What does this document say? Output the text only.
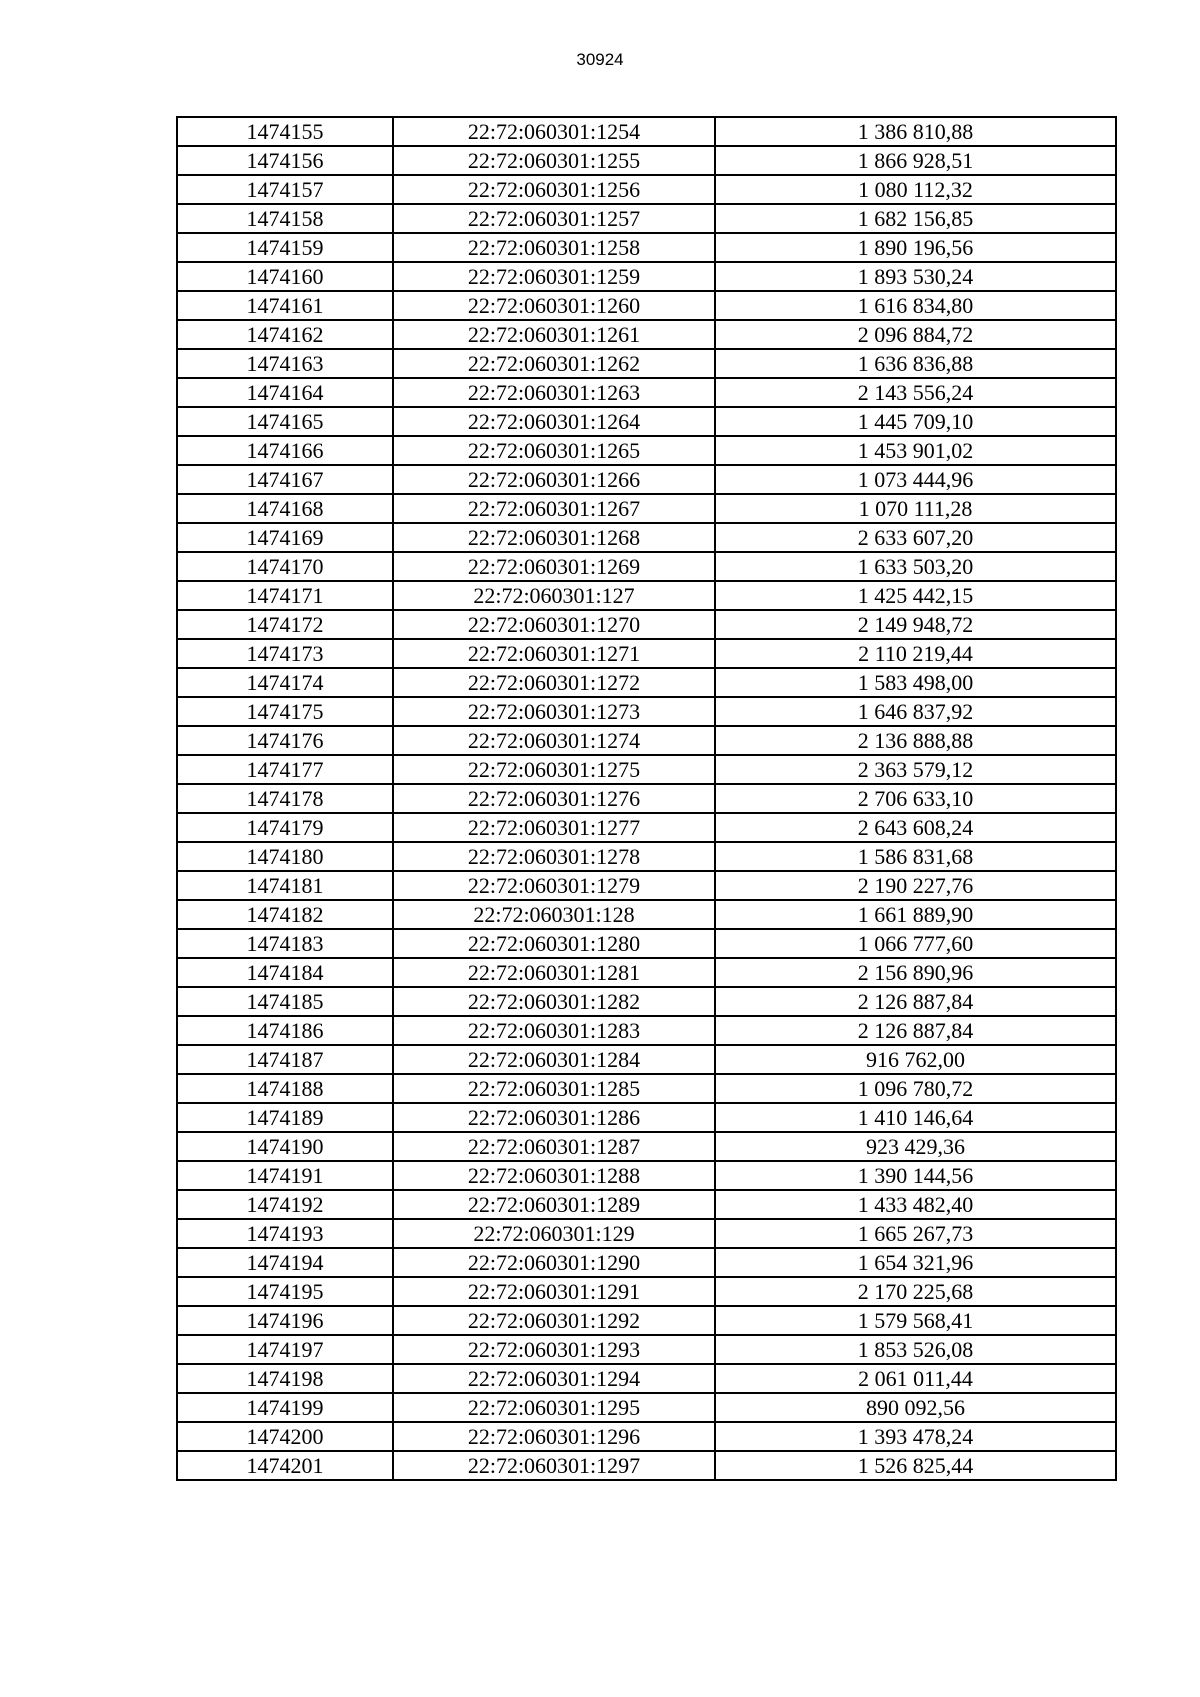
30924
1474155	22:72:060301:1254	1 386 810,88
1474156	22:72:060301:1255	1 866 928,51
1474157	22:72:060301:1256	1 080 112,32
1474158	22:72:060301:1257	1 682 156,85
1474159	22:72:060301:1258	1 890 196,56
1474160	22:72:060301:1259	1 893 530,24
1474161	22:72:060301:1260	1 616 834,80
1474162	22:72:060301:1261	2 096 884,72
1474163	22:72:060301:1262	1 636 836,88
1474164	22:72:060301:1263	2 143 556,24
1474165	22:72:060301:1264	1 445 709,10
1474166	22:72:060301:1265	1 453 901,02
1474167	22:72:060301:1266	1 073 444,96
1474168	22:72:060301:1267	1 070 111,28
1474169	22:72:060301:1268	2 633 607,20
1474170	22:72:060301:1269	1 633 503,20
1474171	22:72:060301:127	1 425 442,15
1474172	22:72:060301:1270	2 149 948,72
1474173	22:72:060301:1271	2 110 219,44
1474174	22:72:060301:1272	1 583 498,00
1474175	22:72:060301:1273	1 646 837,92
1474176	22:72:060301:1274	2 136 888,88
1474177	22:72:060301:1275	2 363 579,12
1474178	22:72:060301:1276	2 706 633,10
1474179	22:72:060301:1277	2 643 608,24
1474180	22:72:060301:1278	1 586 831,68
1474181	22:72:060301:1279	2 190 227,76
1474182	22:72:060301:128	1 661 889,90
1474183	22:72:060301:1280	1 066 777,60
1474184	22:72:060301:1281	2 156 890,96
1474185	22:72:060301:1282	2 126 887,84
1474186	22:72:060301:1283	2 126 887,84
1474187	22:72:060301:1284	916 762,00
1474188	22:72:060301:1285	1 096 780,72
1474189	22:72:060301:1286	1 410 146,64
1474190	22:72:060301:1287	923 429,36
1474191	22:72:060301:1288	1 390 144,56
1474192	22:72:060301:1289	1 433 482,40
1474193	22:72:060301:129	1 665 267,73
1474194	22:72:060301:1290	1 654 321,96
1474195	22:72:060301:1291	2 170 225,68
1474196	22:72:060301:1292	1 579 568,41
1474197	22:72:060301:1293	1 853 526,08
1474198	22:72:060301:1294	2 061 011,44
1474199	22:72:060301:1295	890 092,56
1474200	22:72:060301:1296	1 393 478,24
1474201	22:72:060301:1297	1 526 825,44
